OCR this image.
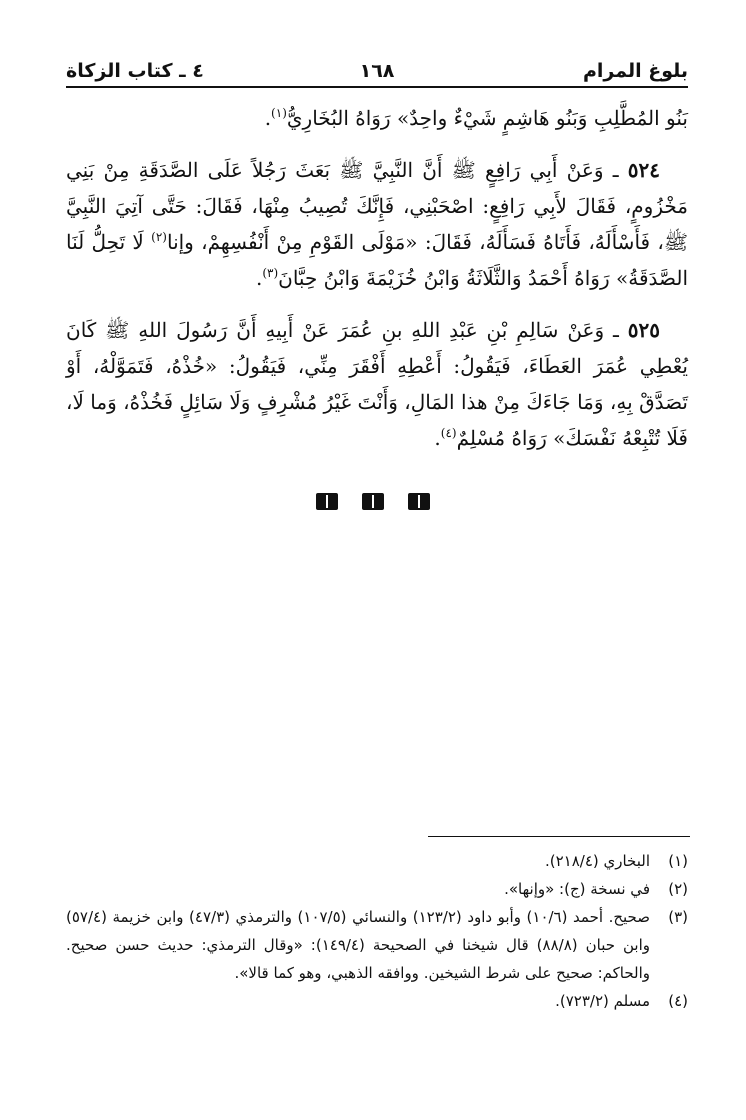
بلوغ المرام
١٦٨
٤ ـ كتاب الزكاة

بَنُو المُطَّلِبِ وَبَنُو هَاشِمٍ شَيْءٌ واحِدٌ» رَوَاهُ البُخَارِيُّ$^{(١)}$.

٥٢٤ ـ وَعَنْ أَبِي رَافِعٍ ﷺ أَنَّ النَّبِيَّ ﷺ بَعَثَ رَجُلاً عَلَى الصَّدَقَةِ مِنْ بَنِي مَخْزُومٍ، فَقَالَ لأَبِي رَافِعٍ: اصْحَبْنِي، فَإِنَّكَ تُصِيبُ مِنْهَا، فَقَالَ: حَتَّى آتِيَ النَّبِيَّ ﷺ، فَأَسْأَلَهُ، فَأَتَاهُ فَسَأَلَهُ، فَقَالَ: «مَوْلَى القَوْمِ مِنْ أَنْفُسِهِمْ، وإنا$^{(٢)}$ لَا تَحِلُّ لَنَا الصَّدَقَةُ» رَوَاهُ أَحْمَدُ وَالثَّلَاثَةُ وَابْنُ خُزَيْمَةَ وَابْنُ حِبَّانَ$^{(٣)}$.

٥٢٥ ـ وَعَنْ سَالِمِ بْنِ عَبْدِ اللهِ بنِ عُمَرَ عَنْ أَبِيهِ أَنَّ رَسُولَ اللهِ ﷺ كَانَ يُعْطِي عُمَرَ العَطَاءَ، فَيَقُولُ: أَعْطِهِ أَفْقَرَ مِنِّي، فَيَقُولُ: «خُذْهُ، فَتَمَوَّلْهُ، أَوْ تَصَدَّقْ بِهِ، وَمَا جَاءَكَ مِنْ هذا المَالِ، وَأَنْتَ غَيْرُ مُشْرِفٍ وَلَا سَائِلٍ فَخُذْهُ، وَما لَا، فَلَا تُتْبِعْهُ نَفْسَكَ» رَوَاهُ مُسْلِمٌ$^{(٤)}$.

(١)
البخاري (٢١٨/٤).
(٢)
في نسخة (ج): «وإنها».
(٣)
صحيح. أحمد (١٠/٦) وأبو داود (١٢٣/٢) والنسائي (١٠٧/٥) والترمذي (٤٧/٣) وابن خزيمة (٥٧/٤) وابن حبان (٨٨/٨) قال شيخنا في الصحيحة (١٤٩/٤): «وقال الترمذي: حديث حسن صحيح. والحاكم: صحيح على شرط الشيخين. ووافقه الذهبي، وهو كما قالا».
(٤)
مسلم (٧٢٣/٢).
